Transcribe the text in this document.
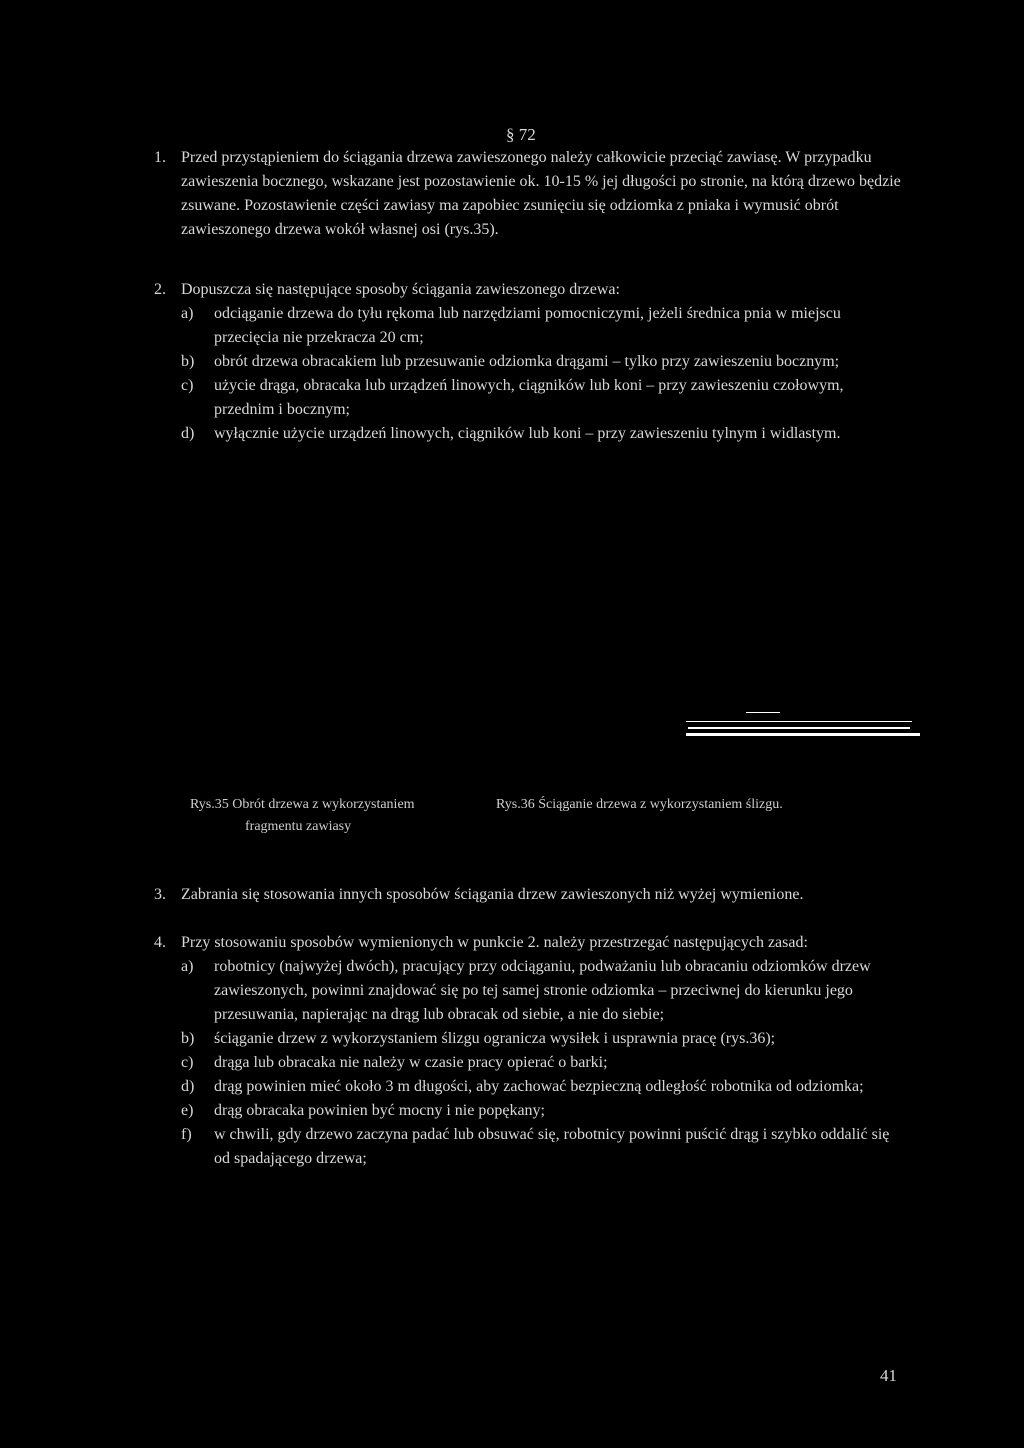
§ 72
1. Przed przystąpieniem do ściągania drzewa zawieszonego należy całkowicie przeciąć zawiasę. W przypadku zawieszenia bocznego, wskazane jest pozostawienie ok. 10-15 % jej długości po stronie, na którą drzewo będzie zsuwane. Pozostawienie części zawiasy ma zapobiec zsunięciu się odziomka z pniaka i wymusić obrót zawieszonego drzewa wokół własnej osi (rys.35).
2. Dopuszcza się następujące sposoby ściągania zawieszonego drzewa:
a) odciąganie drzewa do tyłu rękoma lub narzędziami pomocniczymi, jeżeli średnica pnia w miejscu przecięcia nie przekracza 20 cm;
b) obrót drzewa obracakiem lub przesuwanie odziomka drągami – tylko przy zawieszeniu bocznym;
c) użycie drąga, obracaka lub urządzeń linowych, ciągników lub koni – przy zawieszeniu czołowym, przednim i bocznym;
d) wyłącznie użycie urządzeń linowych, ciągników lub koni – przy zawieszeniu tylnym i widlastym.
Rys.35 Obrót drzewa z wykorzystaniem
fragmentu zawiasy
Rys.36 Ściąganie drzewa z wykorzystaniem ślizgu.
3. Zabrania się stosowania innych sposobów ściągania drzew zawieszonych niż wyżej wymienione.
4. Przy stosowaniu sposobów wymienionych w punkcie 2. należy przestrzegać następujących zasad:
a) robotnicy (najwyżej dwóch), pracujący przy odciąganiu, podważaniu lub obracaniu odziomków drzew zawieszonych, powinni znajdować się po tej samej stronie odziomka – przeciwnej do kierunku jego przesuwania, napierając na drąg lub obracak od siebie, a nie do siebie;
b) ściąganie drzew z wykorzystaniem ślizgu ogranicza wysiłek i usprawnia pracę (rys.36);
c) drąga lub obracaka nie należy w czasie pracy opierać o barki;
d) drąg powinien mieć około 3 m długości, aby zachować bezpieczną odległość robotnika od odziomka;
e) drąg obracaka powinien być mocny i nie popękany;
f) w chwili, gdy drzewo zaczyna padać lub obsuwać się, robotnicy powinni puścić drąg i szybko oddalić się od spadającego drzewa;
41
